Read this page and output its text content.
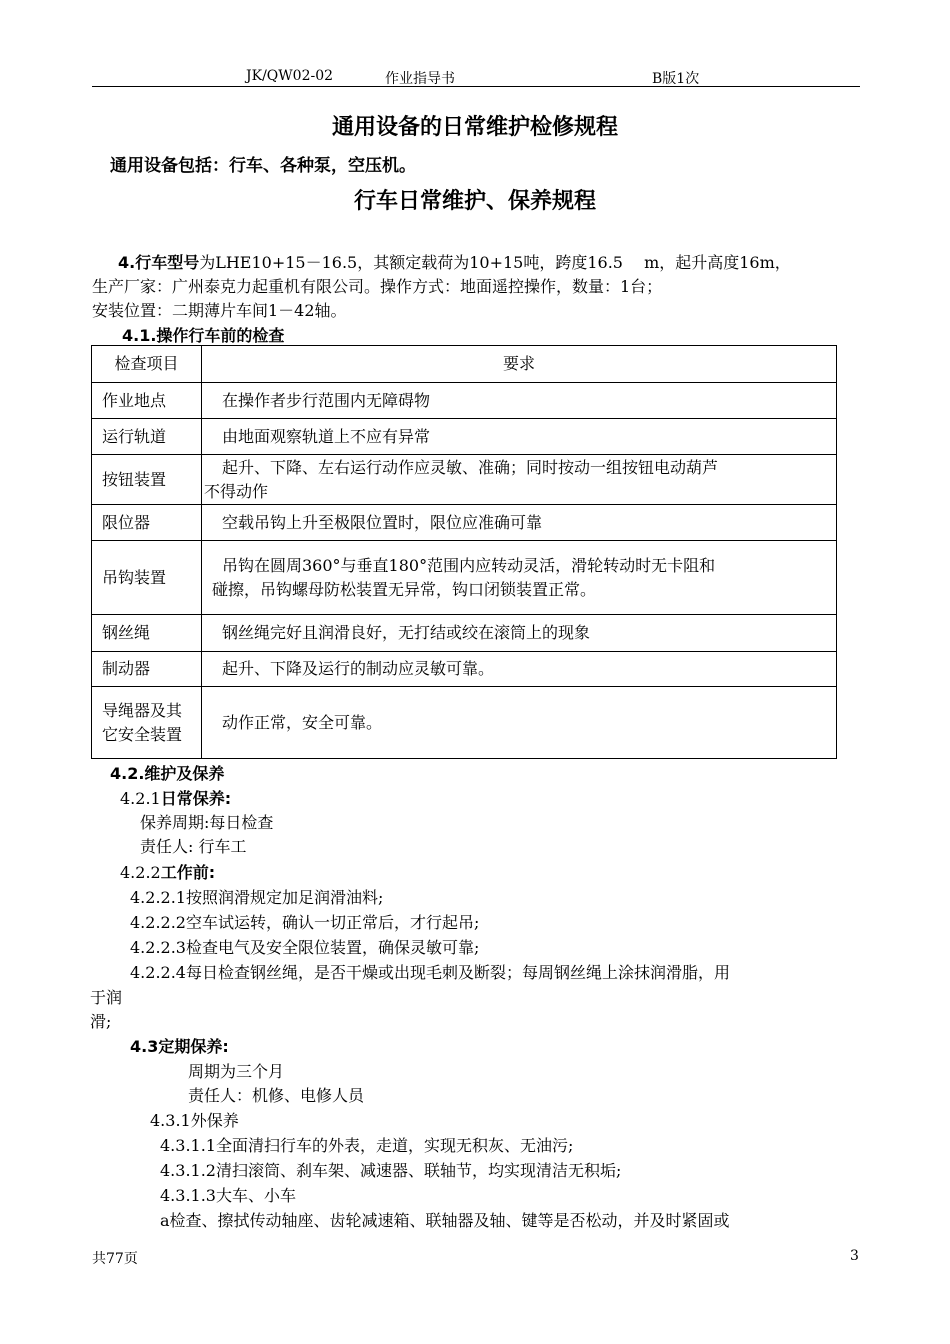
JK/QW02-02	作业指导书	B版1次
通用设备的日常维护检修规程
通用设备包括：行车、各种泵，空压机。
行车日常维护、保养规程
4.行车型号为LHE10+15－16.5，其额定载荷为10+15吨，跨度16.5　 m，起升高度16m，
生产厂家：广州泰克力起重机有限公司。操作方式：地面遥控操作，数量：1台；
安装位置：二期薄片车间1－42轴。
4.1.操作行车前的检查
检查项目	要求
作业地点	在操作者步行范围内无障碍物
运行轨道	由地面观察轨道上不应有异常
按钮装置	起升、下降、左右运行动作应灵敏、准确；同时按动一组按钮电动葫芦
不得动作

限位器	空载吊钩上升至极限位置时，限位应准确可靠
吊钩装置	吊钩在圆周360°与垂直180°范围内应转动灵活，滑轮转动时无卡阻和
碰擦，吊钩螺母防松装置无异常，钩口闭锁装置正常。

钢丝绳	钢丝绳完好且润滑良好，无打结或绞在滚筒上的现象
制动器	起升、下降及运行的制动应灵敏可靠。

导绳器及其
它安全装置	动作正常，安全可靠。
4.2.维护及保养
4.2.1日常保养:
保养周期:每日检查
责任人: 行车工
4.2.2工作前:
4.2.2.1按照润滑规定加足润滑油料;
4.2.2.2空车试运转，确认一切正常后，才行起吊;
4.2.2.3检查电气及安全限位装置，确保灵敏可靠;
4.2.2.4每日检查钢丝绳，是否干燥或出现毛刺及断裂；每周钢丝绳上涂抹润滑脂，用
于润
滑;
4.3定期保养:
周期为三个月
责任人：机修、电修人员
4.3.1外保养
4.3.1.1全面清扫行车的外表，走道，实现无积灰、无油污;
4.3.1.2清扫滚筒、刹车架、减速器、联轴节，均实现清洁无积垢;
4.3.1.3大车、小车
a检查、擦拭传动轴座、齿轮减速箱、联轴器及轴、键等是否松动，并及时紧固或
共77页	3
